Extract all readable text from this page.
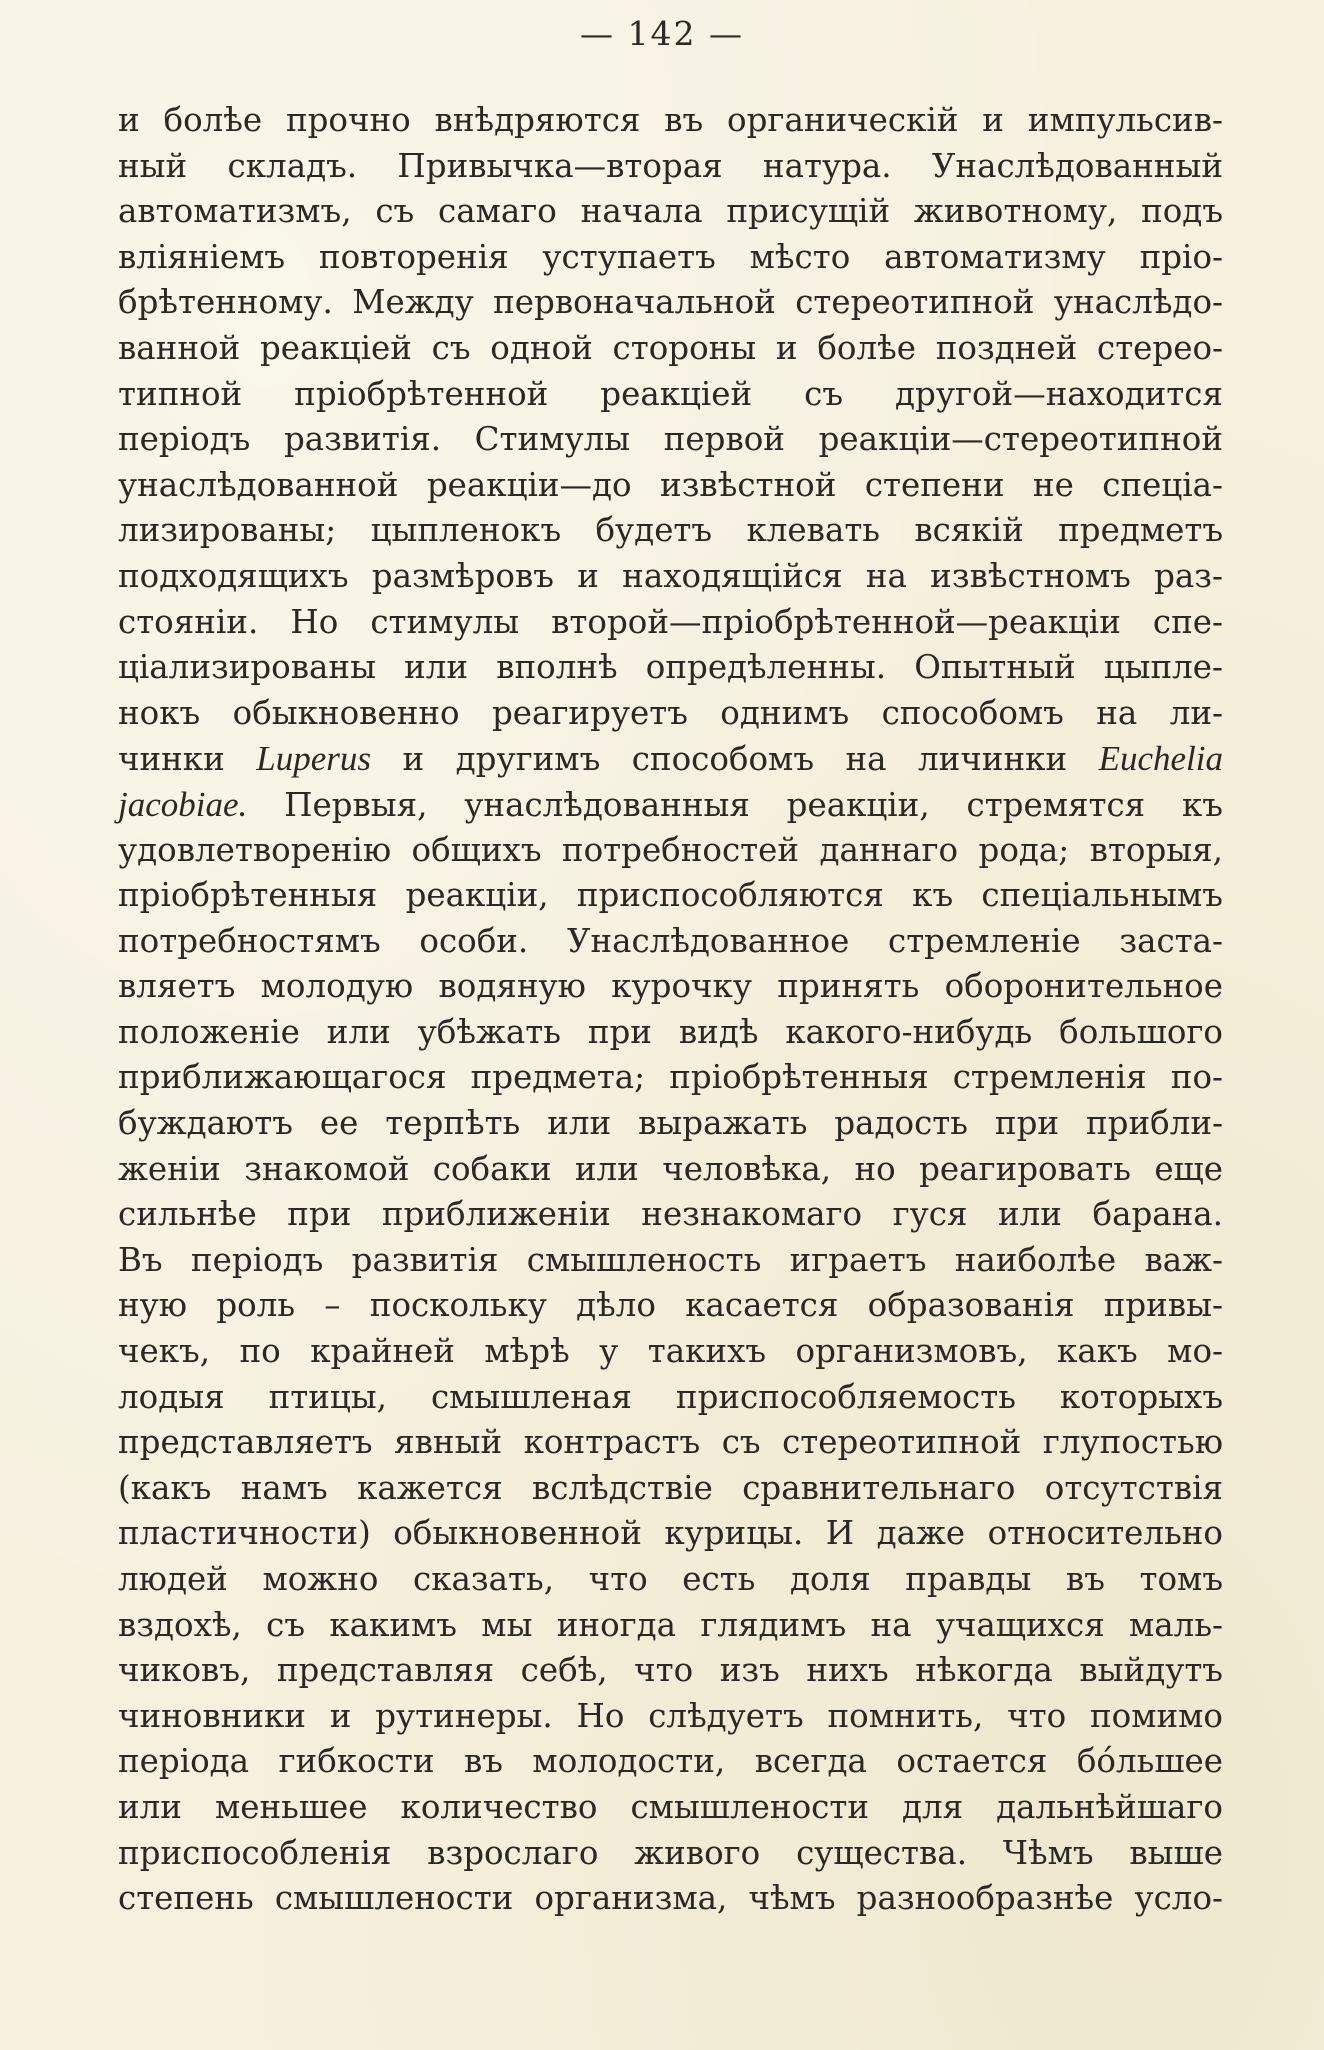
— 142 —
и болѣе прочно внѣдряются въ органическій и импульсив-
ный складъ. Привычка—вторая натура. Унаслѣдованный
автоматизмъ, съ самаго начала присущій животному, подъ
вліяніемъ повторенія уступаетъ мѣсто автоматизму пріо-
брѣтенному. Между первоначальной стереотипной унаслѣдо-
ванной реакціей съ одной стороны и болѣе поздней стерео-
типной пріобрѣтенной реакціей съ другой—находится
періодъ развитія. Стимулы первой реакціи—стереотипной
унаслѣдованной реакціи—до извѣстной степени не спеціа-
лизированы; цыпленокъ будетъ клевать всякій предметъ
подходящихъ размѣровъ и находящійся на извѣстномъ раз-
стояніи. Но стимулы второй—пріобрѣтенной—реакціи спе-
ціализированы или вполнѣ опредѣленны. Опытный цыпле-
нокъ обыкновенно реагируетъ однимъ способомъ на ли-
чинки Luperus и другимъ способомъ на личинки Euchelia
jacobiae. Первыя, унаслѣдованныя реакціи, стремятся къ
удовлетворенію общихъ потребностей даннаго рода; вторыя,
пріобрѣтенныя реакціи, приспособляются къ спеціальнымъ
потребностямъ особи. Унаслѣдованное стремленіе заста-
вляетъ молодую водяную курочку принять оборонительное
положеніе или убѣжать при видѣ какого-нибудь большого
приближающагося предмета; пріобрѣтенныя стремленія по-
буждаютъ ее терпѣть или выражать радость при прибли-
женіи знакомой собаки или человѣка, но реагировать еще
сильнѣе при приближеніи незнакомаго гуся или барана.
Въ періодъ развитія смышленость играетъ наиболѣе важ-
ную роль – поскольку дѣло касается образованія привы-
чекъ, по крайней мѣрѣ у такихъ организмовъ, какъ мо-
лодыя птицы, смышленая приспособляемость которыхъ
представляетъ явный контрастъ съ стереотипной глупостью
(какъ намъ кажется вслѣдствіе сравнительнаго отсутствія
пластичности) обыкновенной курицы. И даже относительно
людей можно сказать, что есть доля правды въ томъ
вздохѣ, съ какимъ мы иногда глядимъ на учащихся маль-
чиковъ, представляя себѣ, что изъ нихъ нѣкогда выйдутъ
чиновники и рутинеры. Но слѣдуетъ помнить, что помимо
періода гибкости въ молодости, всегда остается бóльшее
или меньшее количество смышлености для дальнѣйшаго
приспособленія взрослаго живого существа. Чѣмъ выше
степень смышлености организма, чѣмъ разнообразнѣе усло-
